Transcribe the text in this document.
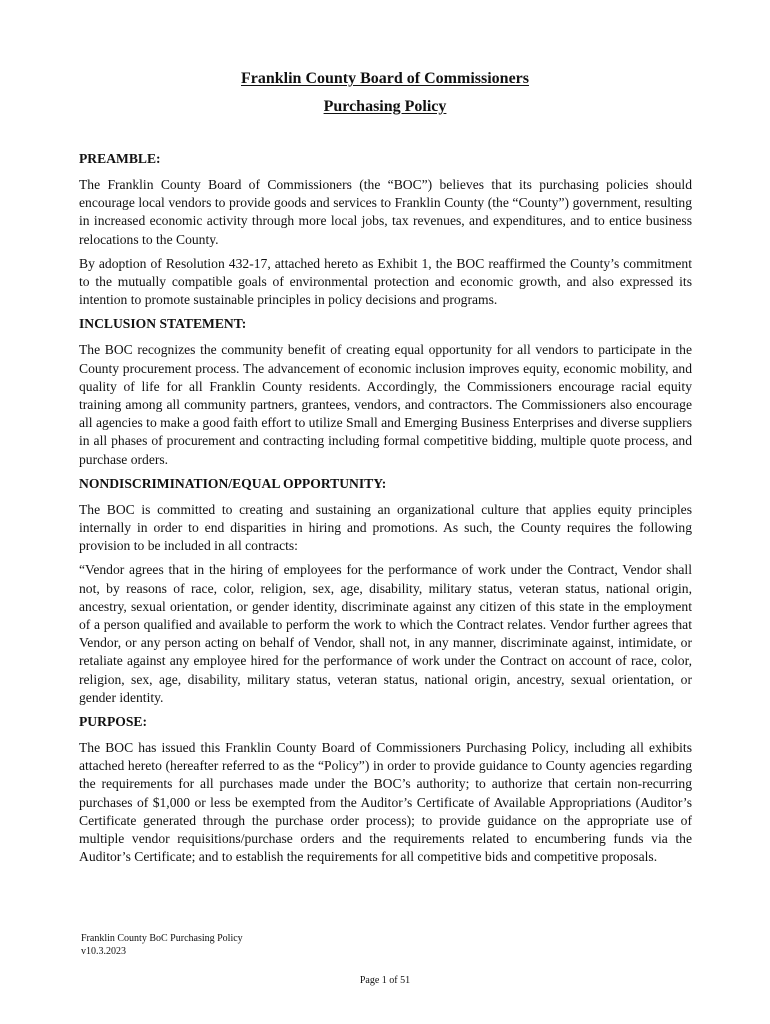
Franklin County Board of Commissioners
Purchasing Policy
PREAMBLE:

The Franklin County Board of Commissioners (the “BOC”) believes that its purchasing policies should encourage local vendors to provide goods and services to Franklin County (the “County”) government, resulting in increased economic activity through more local jobs, tax revenues, and expenditures, and to entice business relocations to the County.

By adoption of Resolution 432-17, attached hereto as Exhibit 1, the BOC reaffirmed the County’s commitment to the mutually compatible goals of environmental protection and economic growth, and also expressed its intention to promote sustainable principles in policy decisions and programs.

INCLUSION STATEMENT:

The BOC recognizes the community benefit of creating equal opportunity for all vendors to participate in the County procurement process. The advancement of economic inclusion improves equity, economic mobility, and quality of life for all Franklin County residents. Accordingly, the Commissioners encourage racial equity training among all community partners, grantees, vendors, and contractors. The Commissioners also encourage all agencies to make a good faith effort to utilize Small and Emerging Business Enterprises and diverse suppliers in all phases of procurement and contracting including formal competitive bidding, multiple quote process, and purchase orders.

NONDISCRIMINATION/EQUAL OPPORTUNITY:

The BOC is committed to creating and sustaining an organizational culture that applies equity principles internally in order to end disparities in hiring and promotions. As such, the County requires the following provision to be included in all contracts:

“Vendor agrees that in the hiring of employees for the performance of work under the Contract, Vendor shall not, by reasons of race, color, religion, sex, age, disability, military status, veteran status, national origin, ancestry, sexual orientation, or gender identity, discriminate against any citizen of this state in the employment of a person qualified and available to perform the work to which the Contract relates. Vendor further agrees that Vendor, or any person acting on behalf of Vendor, shall not, in any manner, discriminate against, intimidate, or retaliate against any employee hired for the performance of work under the Contract on account of race, color, religion, sex, age, disability, military status, veteran status, national origin, ancestry, sexual orientation, or gender identity.

PURPOSE:

The BOC has issued this Franklin County Board of Commissioners Purchasing Policy, including all exhibits attached hereto (hereafter referred to as the “Policy”) in order to provide guidance to County agencies regarding the requirements for all purchases made under the BOC’s authority; to authorize that certain non-recurring purchases of $1,000 or less be exempted from the Auditor’s Certificate of Available Appropriations (Auditor’s Certificate generated through the purchase order process); to provide guidance on the appropriate use of multiple vendor requisitions/purchase orders and the requirements related to encumbering funds via the Auditor’s Certificate; and to establish the requirements for all competitive bids and competitive proposals.

Franklin County BoC Purchasing Policy
v10.3.2023
Page 1 of 51
